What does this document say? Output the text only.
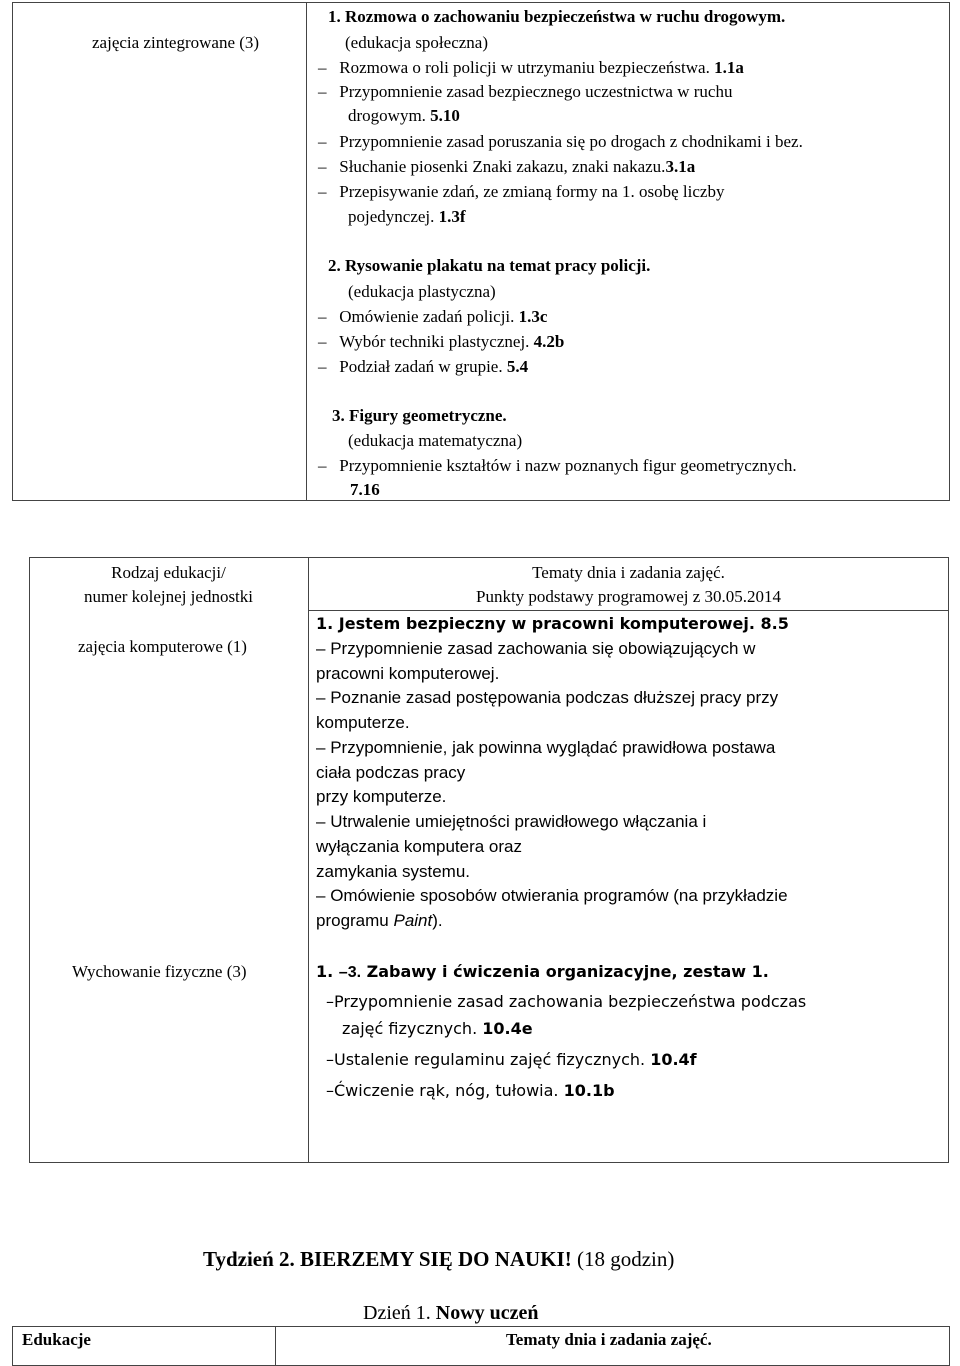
zajęcia zintegrowane (3)
1. Rozmowa o zachowaniu bezpieczeństwa w ruchu drogowym.
(edukacja społeczna)
– Rozmowa o roli policji w utrzymaniu bezpieczeństwa. 1.1a
– Przypomnienie zasad bezpiecznego uczestnictwa w ruchu
drogowym. 5.10
– Przypomnienie zasad poruszania się po drogach z chodnikami i bez.
– Słuchanie piosenki Znaki zakazu, znaki nakazu.3.1a
– Przepisywanie zdań, ze zmianą formy na 1. osobę liczby
pojedynczej. 1.3f
2. Rysowanie plakatu na temat pracy policji.
(edukacja plastyczna)
– Omówienie zadań policji. 1.3c
– Wybór techniki plastycznej. 4.2b
– Podział zadań w grupie. 5.4
3. Figury geometryczne.
(edukacja matematyczna)
– Przypomnienie kształtów i nazw poznanych figur geometrycznych.
7.16
Rodzaj edukacji/
numer kolejnej jednostki
Tematy dnia i zadania zajęć.
Punkty podstawy programowej z 30.05.2014
zajęcia komputerowe (1)
1. Jestem bezpieczny w pracowni komputerowej. 8.5
– Przypomnienie zasad zachowania się obowiązujących w
pracowni komputerowej.
– Poznanie zasad postępowania podczas dłuższej pracy przy
komputerze.
– Przypomnienie, jak powinna wyglądać prawidłowa postawa
ciała podczas pracy
przy komputerze.
– Utrwalenie umiejętności prawidłowego włączania i
wyłączania komputera oraz
zamykania systemu.
– Omówienie sposobów otwierania programów (na przykładzie
programu Paint).
Wychowanie fizyczne (3)	1. –3. Zabawy i ćwiczenia organizacyjne, zestaw 1.
–Przypomnienie zasad zachowania bezpieczeństwa podczas
zajęć fizycznych. 10.4e
–Ustalenie regulaminu zajęć fizycznych. 10.4f
–Ćwiczenie rąk, nóg, tułowia. 10.1b
Tydzień 2. BIERZEMY SIĘ DO NAUKI! (18 godzin)
Dzień 1. Nowy uczeń
Edukacje	Tematy dnia i zadania zajęć.
